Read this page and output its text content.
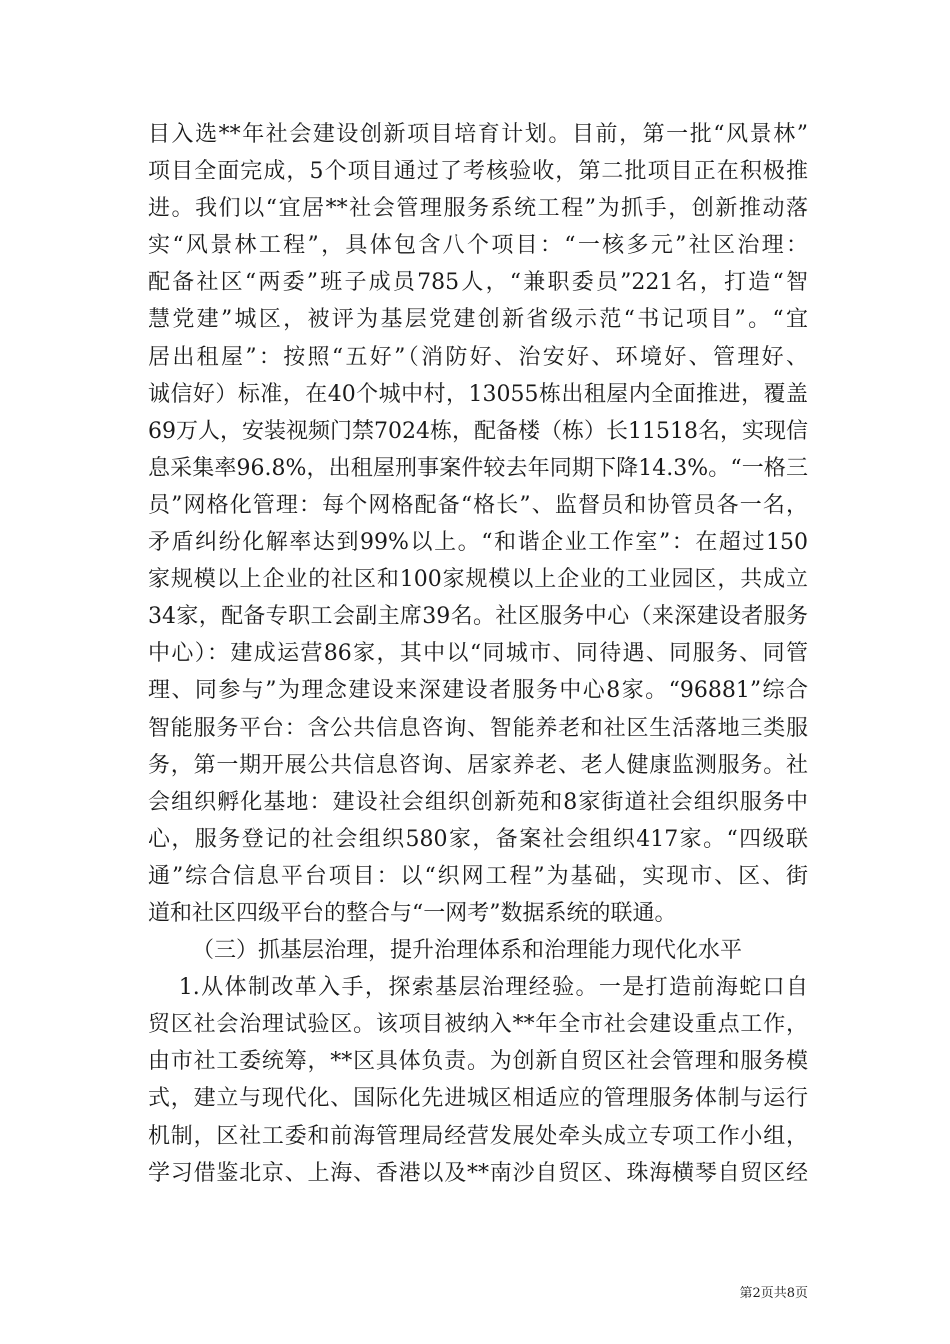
目入选**年社会建设创新项目培育计划。目前，第一批“风景林”
项目全面完成，5个项目通过了考核验收，第二批项目正在积极推
进。我们以“宜居**社会管理服务系统工程”为抓手，创新推动落
实“风景林工程”，具体包含八个项目：“一核多元”社区治理：
配备社区“两委”班子成员785人，“兼职委员”221名，打造“智
慧党建”城区，被评为基层党建创新省级示范“书记项目”。“宜
居出租屋”：按照“五好”（消防好、治安好、环境好、管理好、
诚信好）标准，在40个城中村，13055栋出租屋内全面推进，覆盖
69万人，安装视频门禁7024栋，配备楼（栋）长11518名，实现信
息采集率96.8%，出租屋刑事案件较去年同期下降14.3%。“一格三
员”网格化管理：每个网格配备“格长”、监督员和协管员各一名，
矛盾纠纷化解率达到99%以上。“和谐企业工作室”：在超过150
家规模以上企业的社区和100家规模以上企业的工业园区，共成立
34家，配备专职工会副主席39名。社区服务中心（来深建设者服务
中心）：建成运营86家，其中以“同城市、同待遇、同服务、同管
理、同参与”为理念建设来深建设者服务中心8家。“96881”综合
智能服务平台：含公共信息咨询、智能养老和社区生活落地三类服
务，第一期开展公共信息咨询、居家养老、老人健康监测服务。社
会组织孵化基地：建设社会组织创新苑和8家街道社会组织服务中
心，服务登记的社会组织580家，备案社会组织417家。“四级联
通”综合信息平台项目：以“织网工程”为基础，实现市、区、街
道和社区四级平台的整合与“一网考”数据系统的联通。
（三）抓基层治理，提升治理体系和治理能力现代化水平
1.从体制改革入手，探索基层治理经验。一是打造前海蛇口自
贸区社会治理试验区。该项目被纳入**年全市社会建设重点工作，
由市社工委统筹，**区具体负责。为创新自贸区社会管理和服务模
式，建立与现代化、国际化先进城区相适应的管理服务体制与运行
机制，区社工委和前海管理局经营发展处牵头成立专项工作小组，
学习借鉴北京、上海、香港以及**南沙自贸区、珠海横琴自贸区经
第2页共8页
